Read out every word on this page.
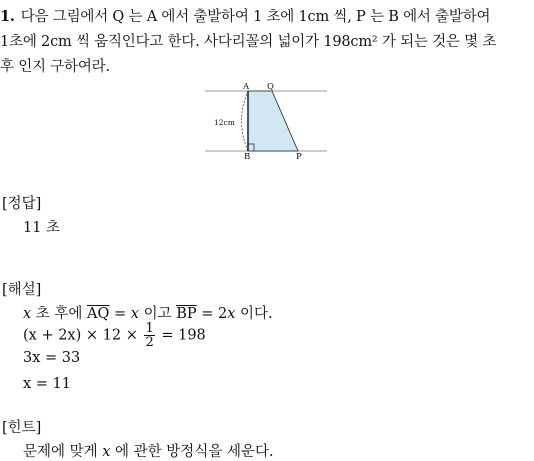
1. 다음 그림에서 Q 는 A 에서 출발하여 1 초에 1cm 씩, P 는 B 에서 출발하여
1초에 2cm 씩 움직인다고 한다. 사다리꼴의 넓이가 198cm² 가 되는 것은 몇 초
후 인지 구하여라.
A Q
B	P
12cm
[정답]
11 초
[해설]
x 초 후에 $\overline{AQ} = x$ 이고 $\overline{BP} = 2x$ 이다.
$(x + 2x) \times 12 \times \frac{1}{2} = 198$
3x = 33
x = 11
[힌트]
문제에 맞게 x 에 관한 방정식을 세운다.
